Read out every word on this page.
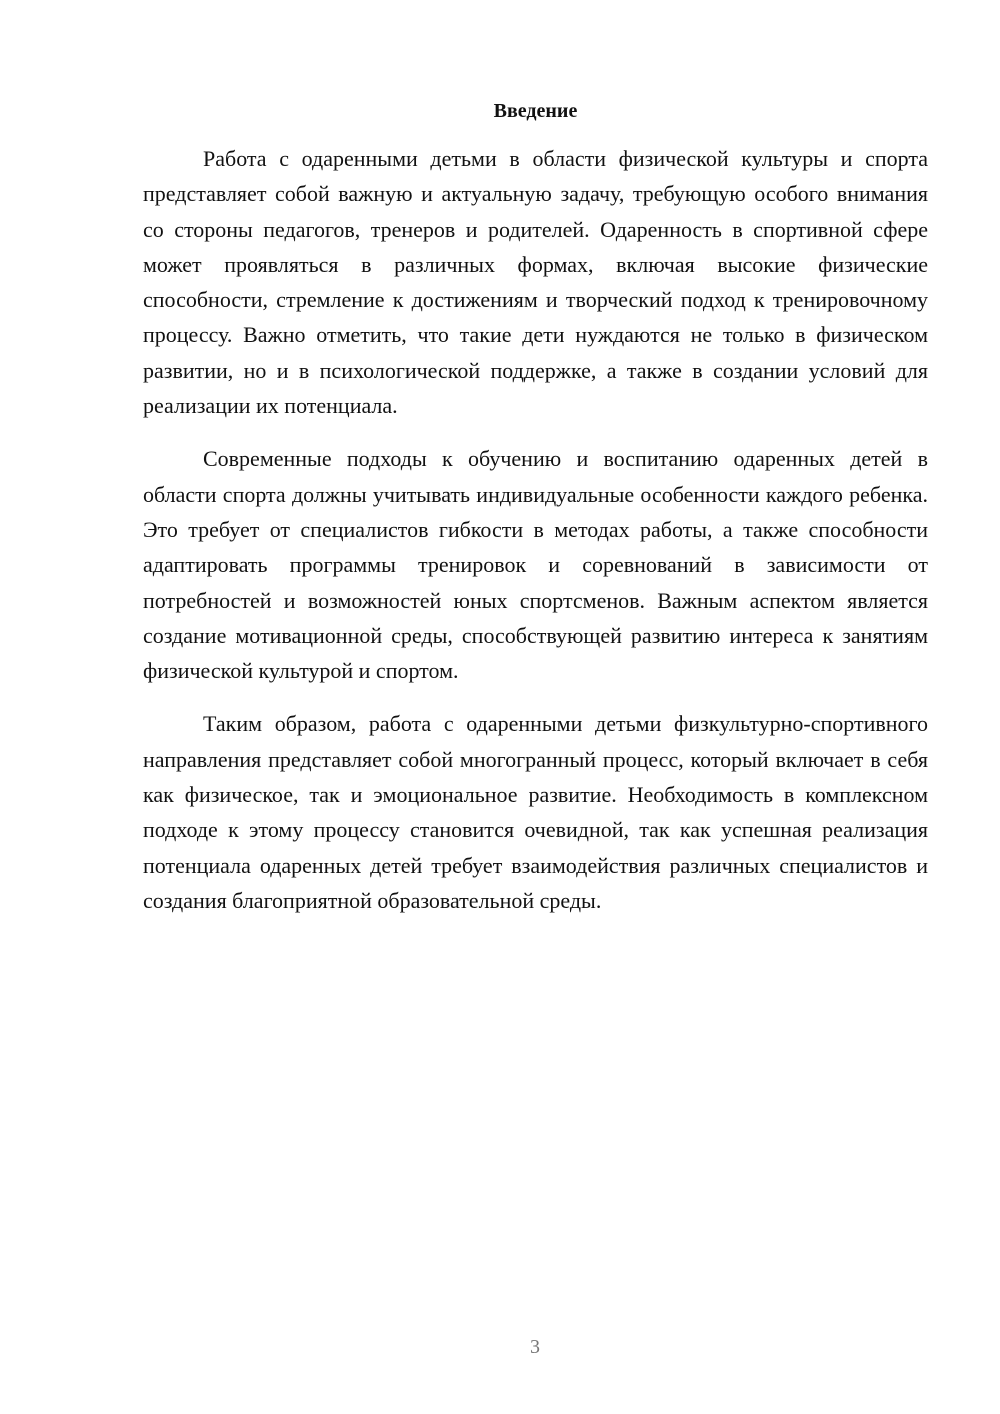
Введение

Работа с одаренными детьми в области физической культуры и спорта представляет собой важную и актуальную задачу, требующую особого внимания со стороны педагогов, тренеров и родителей. Одаренность в спортивной сфере может проявляться в различных формах, включая высокие физические способности, стремление к достижениям и творческий подход к тренировочному процессу. Важно отметить, что такие дети нуждаются не только в физическом развитии, но и в психологической поддержке, а также в создании условий для реализации их потенциала.

Современные подходы к обучению и воспитанию одаренных детей в области спорта должны учитывать индивидуальные особенности каждого ребенка. Это требует от специалистов гибкости в методах работы, а также способности адаптировать программы тренировок и соревнований в зависимости от потребностей и возможностей юных спортсменов. Важным аспектом является создание мотивационной среды, способствующей развитию интереса к занятиям физической культурой и спортом.

Таким образом, работа с одаренными детьми физкультурно-спортивного направления представляет собой многогранный процесс, который включает в себя как физическое, так и эмоциональное развитие. Необходимость в комплексном подходе к этому процессу становится очевидной, так как успешная реализация потенциала одаренных детей требует взаимодействия различных специалистов и создания благоприятной образовательной среды.

3
